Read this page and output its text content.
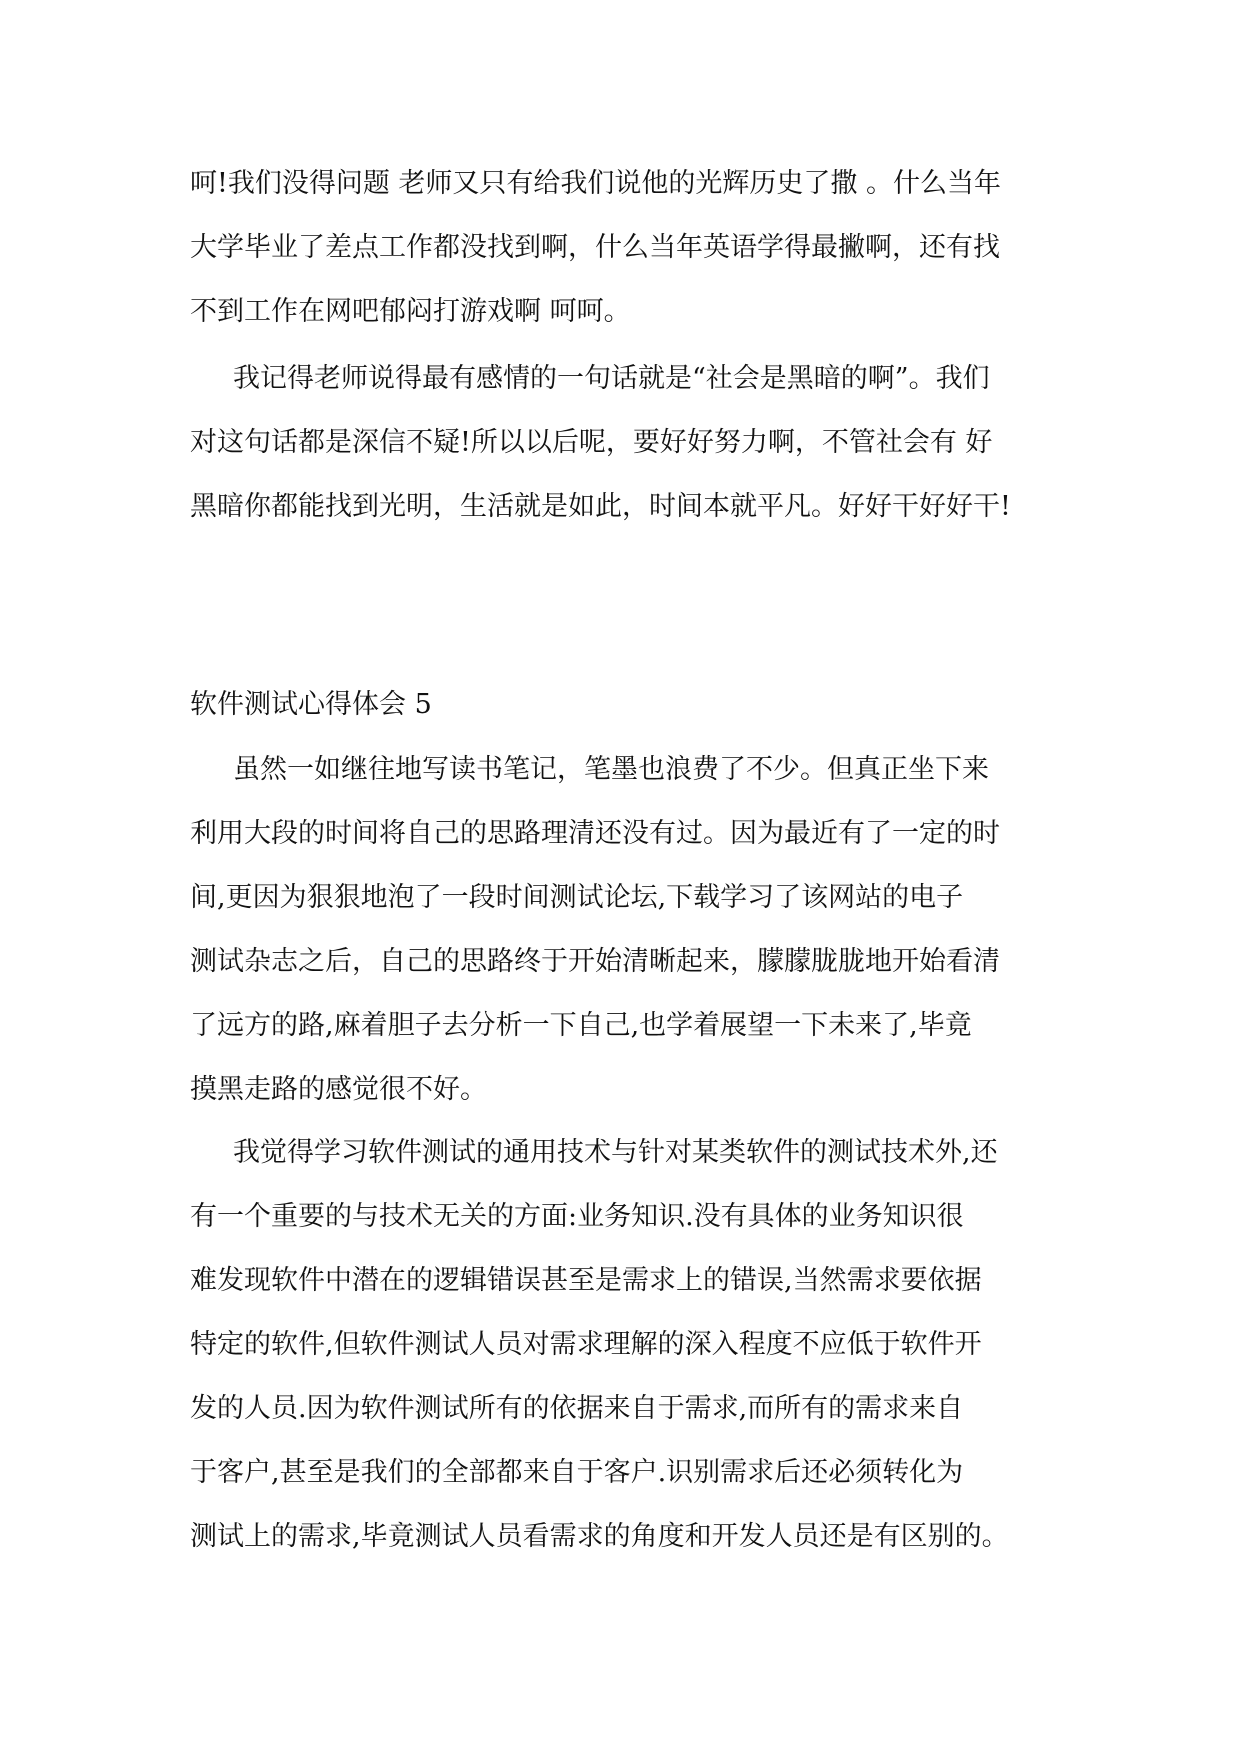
呵!我们没得问题 老师又只有给我们说他的光辉历史了撒 。什么当年
大学毕业了差点工作都没找到啊，什么当年英语学得最撇啊，还有找
不到工作在网吧郁闷打游戏啊 呵呵。
我记得老师说得最有感情的一句话就是“社会是黑暗的啊”。我们
对这句话都是深信不疑!所以以后呢，要好好努力啊，不管社会有 好
黑暗你都能找到光明，生活就是如此，时间本就平凡。好好干好好干!
软件测试心得体会 5
虽然一如继往地写读书笔记，笔墨也浪费了不少。但真正坐下来
利用大段的时间将自己的思路理清还没有过。因为最近有了一定的时
间,更因为狠狠地泡了一段时间测试论坛,下载学习了该网站的电子
测试杂志之后，自己的思路终于开始清晰起来，朦朦胧胧地开始看清
了远方的路,麻着胆子去分析一下自己,也学着展望一下未来了,毕竟
摸黑走路的感觉很不好。
我觉得学习软件测试的通用技术与针对某类软件的测试技术外,还
有一个重要的与技术无关的方面:业务知识.没有具体的业务知识很
难发现软件中潜在的逻辑错误甚至是需求上的错误,当然需求要依据
特定的软件,但软件测试人员对需求理解的深入程度不应低于软件开
发的人员.因为软件测试所有的依据来自于需求,而所有的需求来自
于客户,甚至是我们的全部都来自于客户.识别需求后还必须转化为
测试上的需求,毕竟测试人员看需求的角度和开发人员还是有区别的。
